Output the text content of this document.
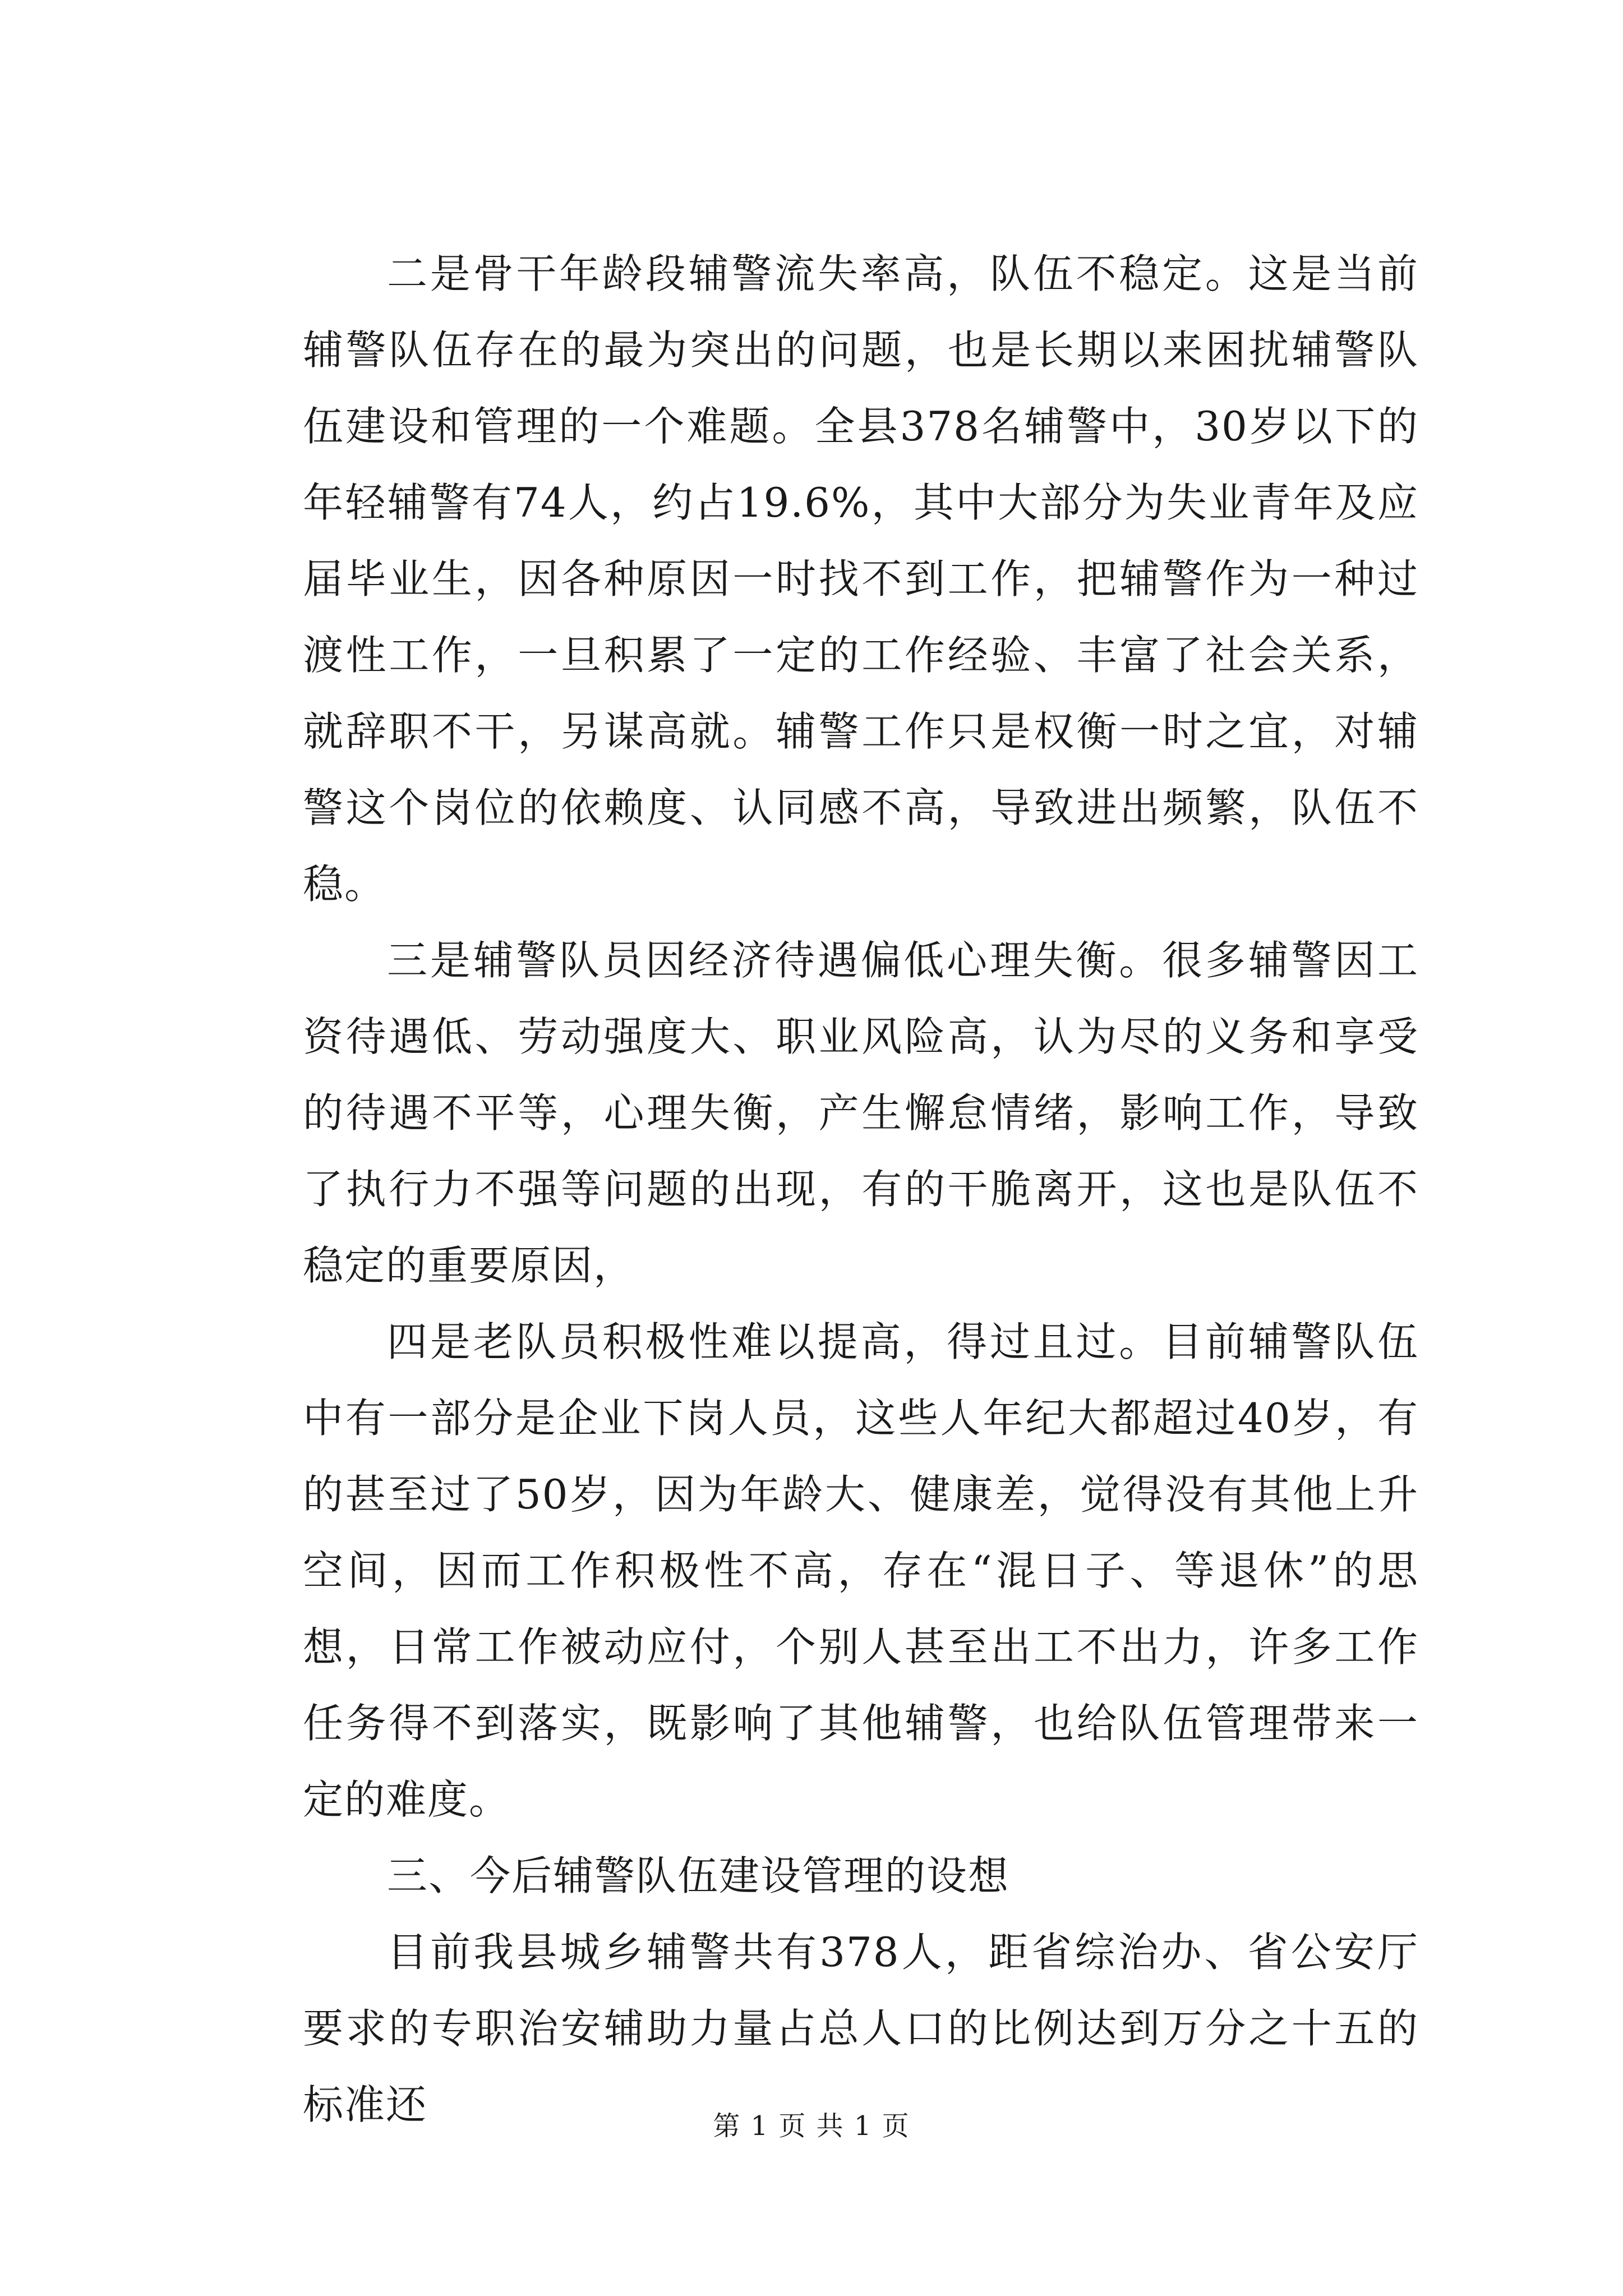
二是骨干年龄段辅警流失率高，队伍不稳定。这是当前辅警队伍存在的最为突出的问题，也是长期以来困扰辅警队伍建设和管理的一个难题。全县378名辅警中，30岁以下的年轻辅警有74人，约占19.6%，其中大部分为失业青年及应届毕业生，因各种原因一时找不到工作，把辅警作为一种过渡性工作，一旦积累了一定的工作经验、丰富了社会关系，就辞职不干，另谋高就。辅警工作只是权衡一时之宜，对辅警这个岗位的依赖度、认同感不高，导致进出频繁，队伍不稳。

三是辅警队员因经济待遇偏低心理失衡。很多辅警因工资待遇低、劳动强度大、职业风险高，认为尽的义务和享受的待遇不平等，心理失衡，产生懈怠情绪，影响工作，导致了执行力不强等问题的出现，有的干脆离开，这也是队伍不稳定的重要原因，

四是老队员积极性难以提高，得过且过。目前辅警队伍中有一部分是企业下岗人员，这些人年纪大都超过40岁，有的甚至过了50岁，因为年龄大、健康差，觉得没有其他上升空间，因而工作积极性不高，存在“混日子、等退休”的思想，日常工作被动应付，个别人甚至出工不出力，许多工作任务得不到落实，既影响了其他辅警，也给队伍管理带来一定的难度。

三、今后辅警队伍建设管理的设想

目前我县城乡辅警共有378人，距省综治办、省公安厅要求的专职治安辅助力量占总人口的比例达到万分之十五的标准还	第 1 页 共 1 页
